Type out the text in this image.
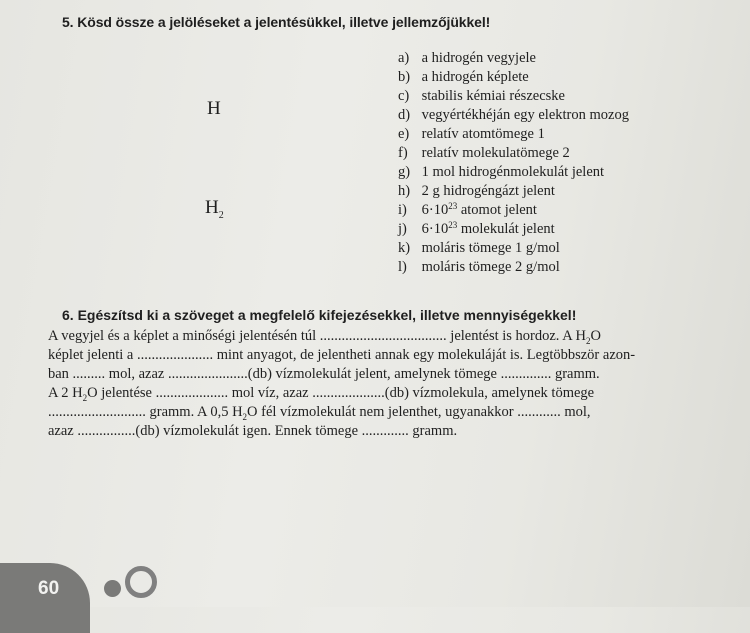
5. Kösd össze a jelöléseket a jelentésükkel, illetve jellemzőjükkel!
H
$H_2$
a) a hidrogén vegyjele
b) a hidrogén képlete
c) stabilis kémiai részecske
d) vegyértékhéján egy elektron mozog
e) relatív atomtömege 1
f) relatív molekulatömege 2
g) 1 mol hidrogénmolekulát jelent
h) 2 g hidrogéngázt jelent
i) $6\cdot 10^{23}$ atomot jelent
j) $6\cdot 10^{23}$ molekulát jelent
k) moláris tömege 1 g/mol
l) moláris tömege 2 g/mol
6. Egészítsd ki a szöveget a megfelelő kifejezésekkel, illetve mennyiségekkel!
A vegyjel és a képlet a minőségi jelentésén túl ................................... jelentést is hordoz. A $H_2O$
képlet jelenti a ..................... mint anyagot, de jelentheti annak egy molekuláját is. Legtöbbször azon-
ban ......... mol, azaz ......................(db) vízmolekulát jelent, amelynek tömege .............. gramm.
A 2 $H_2O$ jelentése .................... mol víz, azaz ....................(db) vízmolekula, amelynek tömege
........................... gramm. A 0,5 $H_2O$ fél vízmolekulát nem jelenthet, ugyanakkor ............ mol,
azaz ................(db) vízmolekulát igen. Ennek tömege ............. gramm.
60
